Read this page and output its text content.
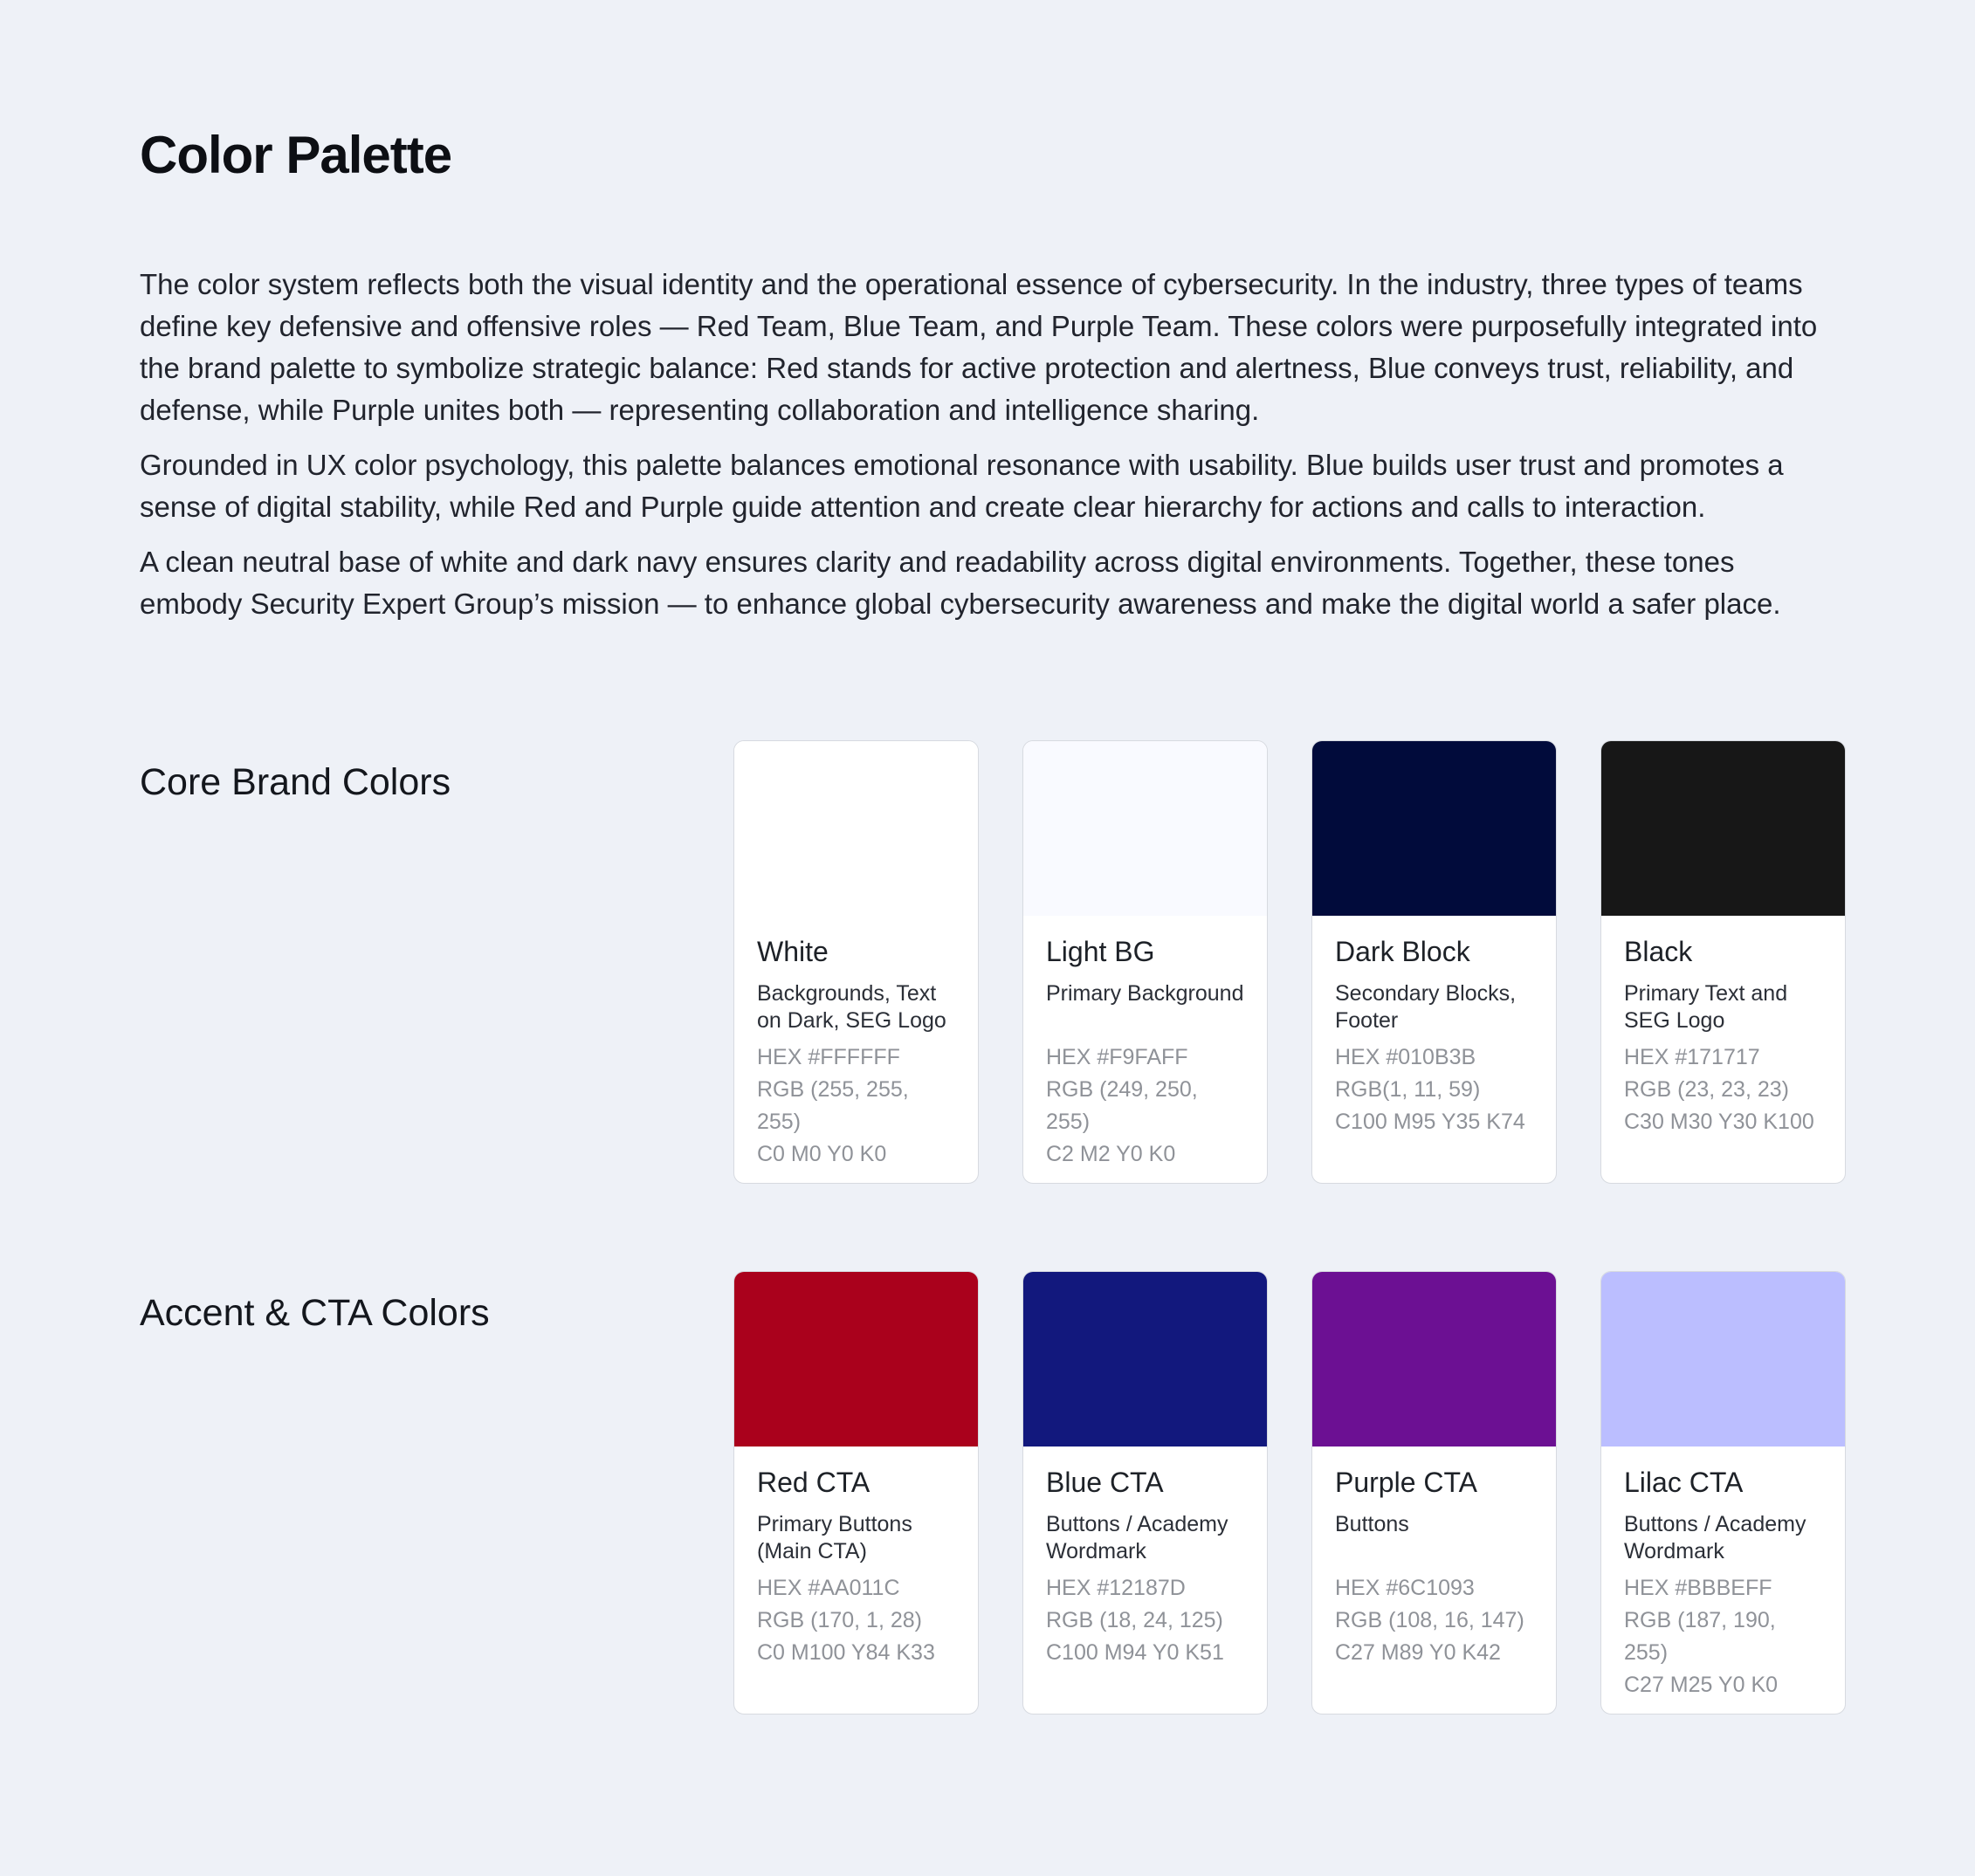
Color Palette

The color system reflects both the visual identity and the operational essence of cybersecurity. In the industry, three types of teams define key defensive and offensive roles — Red Team, Blue Team, and Purple Team. These colors were purposefully integrated into the brand palette to symbolize strategic balance: Red stands for active protection and alertness, Blue conveys trust, reliability, and defense, while Purple unites both — representing collaboration and intelligence sharing.

Grounded in UX color psychology, this palette balances emotional resonance with usability. Blue builds user trust and promotes a sense of digital stability, while Red and Purple guide attention and create clear hierarchy for actions and calls to interaction.

A clean neutral base of white and dark navy ensures clarity and readability across digital environments. Together, these tones embody Security Expert Group’s mission — to enhance global cybersecurity awareness and make the digital world a safer place.

Core Brand Colors
White

Backgrounds, Text on Dark, SEG Logo

HEX #FFFFFF
RGB (255, 255, 255)
C0 M0 Y0 K0
Light BG

Primary Background

HEX #F9FAFF
RGB (249, 250, 255)
C2 M2 Y0 K0
Dark Block

Secondary Blocks, Footer

HEX #010B3B
RGB(1, 11, 59)
C100 M95 Y35 K74
Black

Primary Text and SEG Logo

HEX #171717
RGB (23, 23, 23)
C30 M30 Y30 K100
Accent & CTA Colors
Red CTA

Primary Buttons (Main CTA)

HEX #AA011C
RGB (170, 1, 28)
C0 M100 Y84 K33
Blue CTA

Buttons / Academy Wordmark

HEX #12187D
RGB (18, 24, 125)
C100 M94 Y0 K51
Purple CTA

Buttons

HEX #6C1093
RGB (108, 16, 147)
C27 M89 Y0 K42
Lilac CTA

Buttons / Academy Wordmark

HEX #BBBEFF
RGB (187, 190, 255)
C27 M25 Y0 K0
